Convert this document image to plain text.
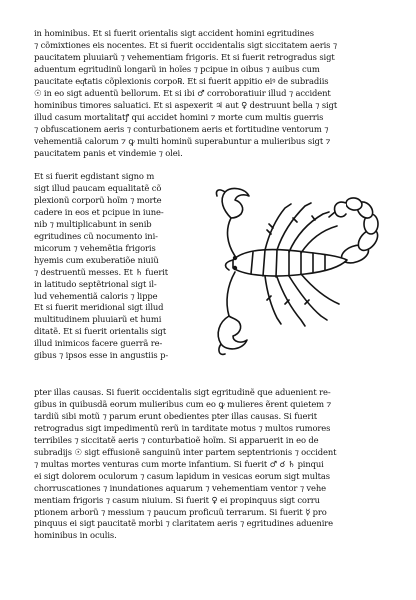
in hominibus. Et si fuerit orientalis sigt accident homini egritudines
⁊ cõmixtiones eis nocentes. Et si fuerit occidentalis sigt siccitatem aeris ⁊
paucitatem pluuiarũ ⁊ vehementiam frigoris. Et si fuerit retrogradus sigt
aduentum egritudinũ longarũ in hoĩes ⁊ pcipue in oibus ⁊ auibus cum
paucitate eqͥtatis cõplexionis corpo℞. Et si fuerit appitio eiꝰ de subradiis
☉ in eo sigt aduentũ bellorum. Et si ibi ♂ corroboratiuir illud ⁊ accident
hominibus timores saluatici. Et si aspexerit ♃ aut ♀ destruunt bella ⁊ sigt
illud casum mortalitatꝭ qui accidet homini ⁊ morte cum multis guerris
⁊ obfuscationem aeris ⁊ conturbationem aeris et fortitudine ventorum ⁊
vehementiã calorum ⁊ ꝙ multi hominũ superabuntur a mulieribus sigt ⁊
paucitatem panis et vindemie ⁊ olei.
Et si fuerit egdistant signo m
sigt illud paucam equalitatẽ cõ
plexionũ corporũ hoĩm ⁊ morte
cadere in eos et pcipue in iune-
nib ⁊ multiplicabunt in senib
egritudines cũ nocumento ini-
micorum ⁊ vehemẽtia frigoris
hyemis cum exuberatiõe niuiũ
⁊ destruentũ messes. Et ♄ fuerit
in latitudo septẽtrional sigt il-
lud vehementiã caloris ⁊ lippe
Et si fuerit meridional sigt illud
multitudinem pluuiarũ et humi
ditatẽ. Et si fuerit orientalis sigt
illud inimicos facere guerrã re-
gibus ⁊ ipsos esse in angustiis p-
pter illas causas. Si fuerit occidentalis sigt egritudinẽ que aduenient re-
gibus in quibusdã eorum mulieribus cum eo ꝙ mulieres ẽrent quietem ⁊
tardiũ sibi motũ ⁊ parum erunt obedientes pter illas causas. Si fuerit
retrogradus sigt impedimentũ rerũ in tarditate motus ⁊ multos rumores
terribiles ⁊ siccitatẽ aeris ⁊ conturbatioẽ hoĩm. Si apparuerit in eo de
subradijs ☉ sigt effusionẽ sanguinũ inter partem septentrionis ⁊ occident
⁊ multas mortes venturas cum morte infantium. Si fuerit ♂ ☌ ♄ pinqui
ei sigt dolorem oculorum ⁊ casum lapidum in vesicas eorum sigt multas
chorruscationes ⁊ inundationes aquarum ⁊ vehementiam ventor ⁊ vehe
mentiam frigoris ⁊ casum niuium. Si fuerit ♀ ei propinquus sigt corru
ptionem arborũ ⁊ messium ⁊ paucum proficuũ terrarum. Si fuerit ☿ pro
pinquus ei sigt paucitatẽ morbi ⁊ claritatem aeris ⁊ egritudines aduenire
hominibus in oculis.
